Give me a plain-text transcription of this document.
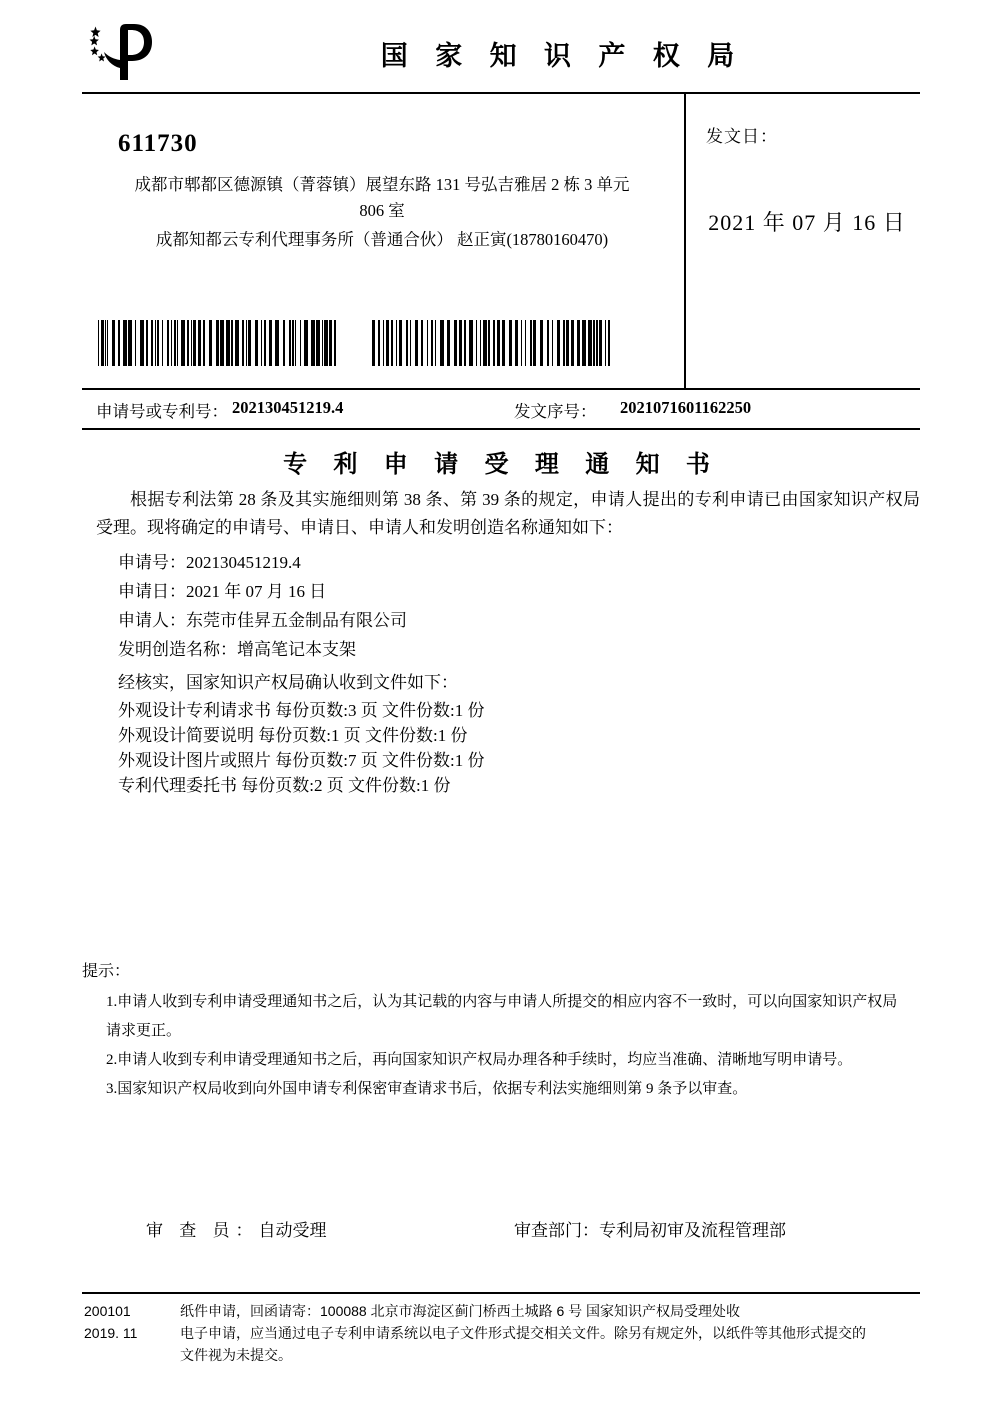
国 家 知 识 产 权 局
611730
成都市郫都区德源镇（菁蓉镇）展望东路 131 号弘吉雅居 2 栋 3 单元
806 室
成都知都云专利代理事务所（普通合伙） 赵正寅(18780160470)
发文日：
2021 年 07 月 16 日
申请号或专利号： 202130451219.4	发文序号： 2021071601162250
专 利 申 请 受 理 通 知 书
根据专利法第 28 条及其实施细则第 38 条、第 39 条的规定，申请人提出的专利申请已由国家知识产权局受理。现将确定的申请号、申请日、申请人和发明创造名称通知如下：
申请号：202130451219.4
申请日：2021 年 07 月 16 日
申请人：东莞市佳昇五金制品有限公司
发明创造名称：增高笔记本支架
经核实，国家知识产权局确认收到文件如下：
外观设计专利请求书 每份页数:3 页 文件份数:1 份
外观设计简要说明 每份页数:1 页 文件份数:1 份
外观设计图片或照片 每份页数:7 页 文件份数:1 份
专利代理委托书 每份页数:2 页 文件份数:1 份
提示：
1.申请人收到专利申请受理通知书之后，认为其记载的内容与申请人所提交的相应内容不一致时，可以向国家知识产权局
请求更正。
2.申请人收到专利申请受理通知书之后，再向国家知识产权局办理各种手续时，均应当准确、清晰地写明申请号。
3.国家知识产权局收到向外国申请专利保密审查请求书后，依据专利法实施细则第 9 条予以审查。
审 查 员：自动受理	审查部门：专利局初审及流程管理部
200101
2019. 11
纸件申请，回函请寄：100088 北京市海淀区蓟门桥西土城路 6 号 国家知识产权局受理处收
电子申请，应当通过电子专利申请系统以电子文件形式提交相关文件。除另有规定外，以纸件等其他形式提交的
文件视为未提交。
